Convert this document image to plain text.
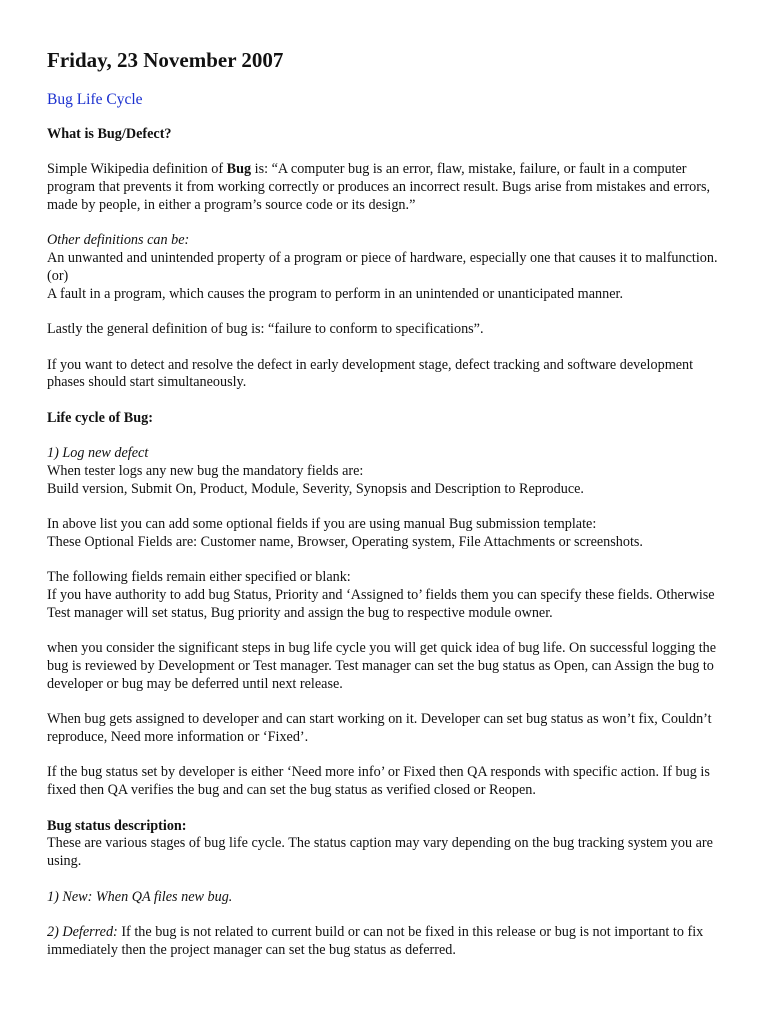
Friday, 23 November 2007
Bug Life Cycle
What is Bug/Defect?
Simple Wikipedia definition of Bug is: “A computer bug is an error, flaw, mistake, failure, or fault in a computer program that prevents it from working correctly or produces an incorrect result. Bugs arise from mistakes and errors, made by people, in either a program’s source code or its design.”
Other definitions can be:
An unwanted and unintended property of a program or piece of hardware, especially one that causes it to malfunction.
(or)
A fault in a program, which causes the program to perform in an unintended or unanticipated manner.
Lastly the general definition of bug is: “failure to conform to specifications”.
If you want to detect and resolve the defect in early development stage, defect tracking and software development phases should start simultaneously.
Life cycle of Bug:
1) Log new defect
When tester logs any new bug the mandatory fields are:
Build version, Submit On, Product, Module, Severity, Synopsis and Description to Reproduce.
In above list you can add some optional fields if you are using manual Bug submission template:
These Optional Fields are: Customer name, Browser, Operating system, File Attachments or screenshots.
The following fields remain either specified or blank:
If you have authority to add bug Status, Priority and ‘Assigned to’ fields them you can specify these fields. Otherwise Test manager will set status, Bug priority and assign the bug to respective module owner.
when you consider the significant steps in bug life cycle you will get quick idea of bug life. On successful logging the bug is reviewed by Development or Test manager. Test manager can set the bug status as Open, can Assign the bug to developer or bug may be deferred until next release.
When bug gets assigned to developer and can start working on it. Developer can set bug status as won’t fix, Couldn’t reproduce, Need more information or ‘Fixed’.
If the bug status set by developer is either ‘Need more info’ or Fixed then QA responds with specific action. If bug is fixed then QA verifies the bug and can set the bug status as verified closed or Reopen.
Bug status description:
These are various stages of bug life cycle. The status caption may vary depending on the bug tracking system you are using.
1) New: When QA files new bug.
2) Deferred: If the bug is not related to current build or can not be fixed in this release or bug is not important to fix immediately then the project manager can set the bug status as deferred.
